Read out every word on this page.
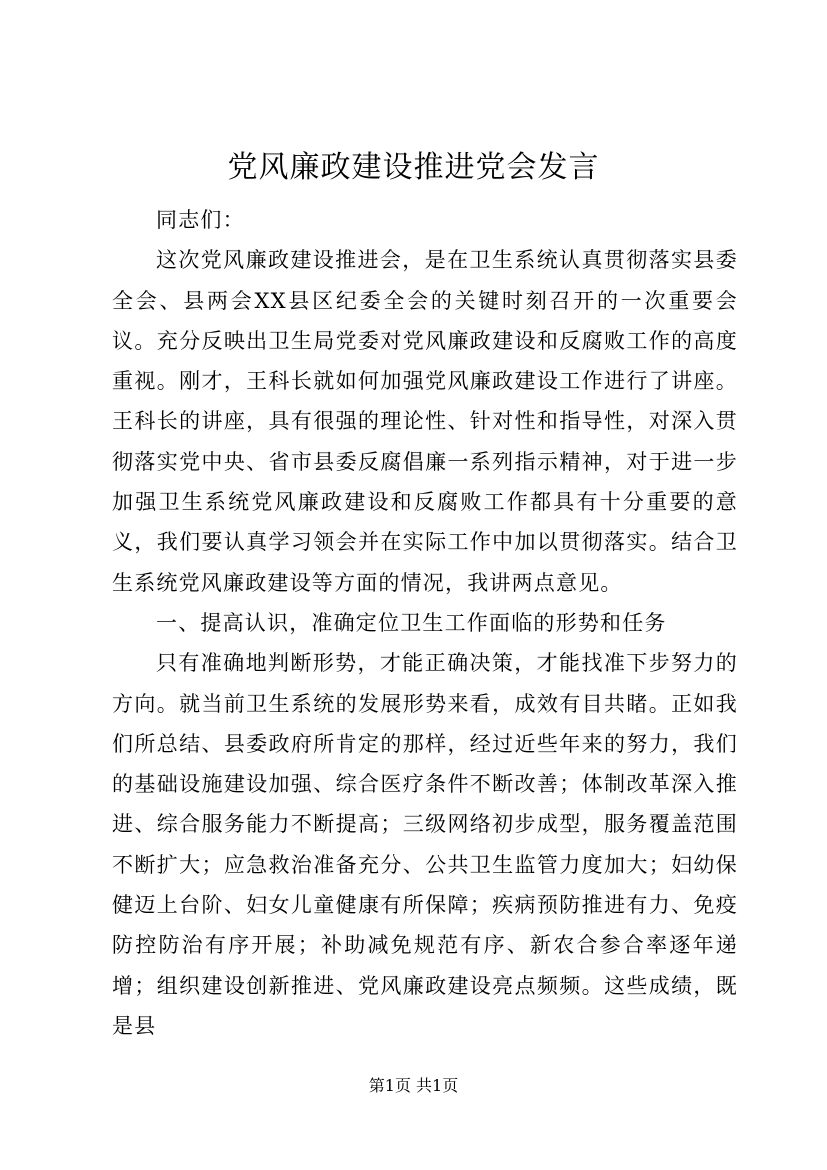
党风廉政建设推进党会发言

同志们：

这次党风廉政建设推进会，是在卫生系统认真贯彻落实县委全会、县两会XX县区纪委全会的关键时刻召开的一次重要会议。充分反映出卫生局党委对党风廉政建设和反腐败工作的高度重视。刚才，王科长就如何加强党风廉政建设工作进行了讲座。王科长的讲座，具有很强的理论性、针对性和指导性，对深入贯彻落实党中央、省市县委反腐倡廉一系列指示精神，对于进一步加强卫生系统党风廉政建设和反腐败工作都具有十分重要的意义，我们要认真学习领会并在实际工作中加以贯彻落实。结合卫生系统党风廉政建设等方面的情况，我讲两点意见。

一、提高认识，准确定位卫生工作面临的形势和任务

只有准确地判断形势，才能正确决策，才能找准下步努力的方向。就当前卫生系统的发展形势来看，成效有目共睹。正如我们所总结、县委政府所肯定的那样，经过近些年来的努力，我们的基础设施建设加强、综合医疗条件不断改善；体制改革深入推进、综合服务能力不断提高；三级网络初步成型，服务覆盖范围不断扩大；应急救治准备充分、公共卫生监管力度加大；妇幼保健迈上台阶、妇女儿童健康有所保障；疾病预防推进有力、免疫防控防治有序开展；补助减免规范有序、新农合参合率逐年递增；组织建设创新推进、党风廉政建设亮点频频。这些成绩，既是县

第1页 共1页
